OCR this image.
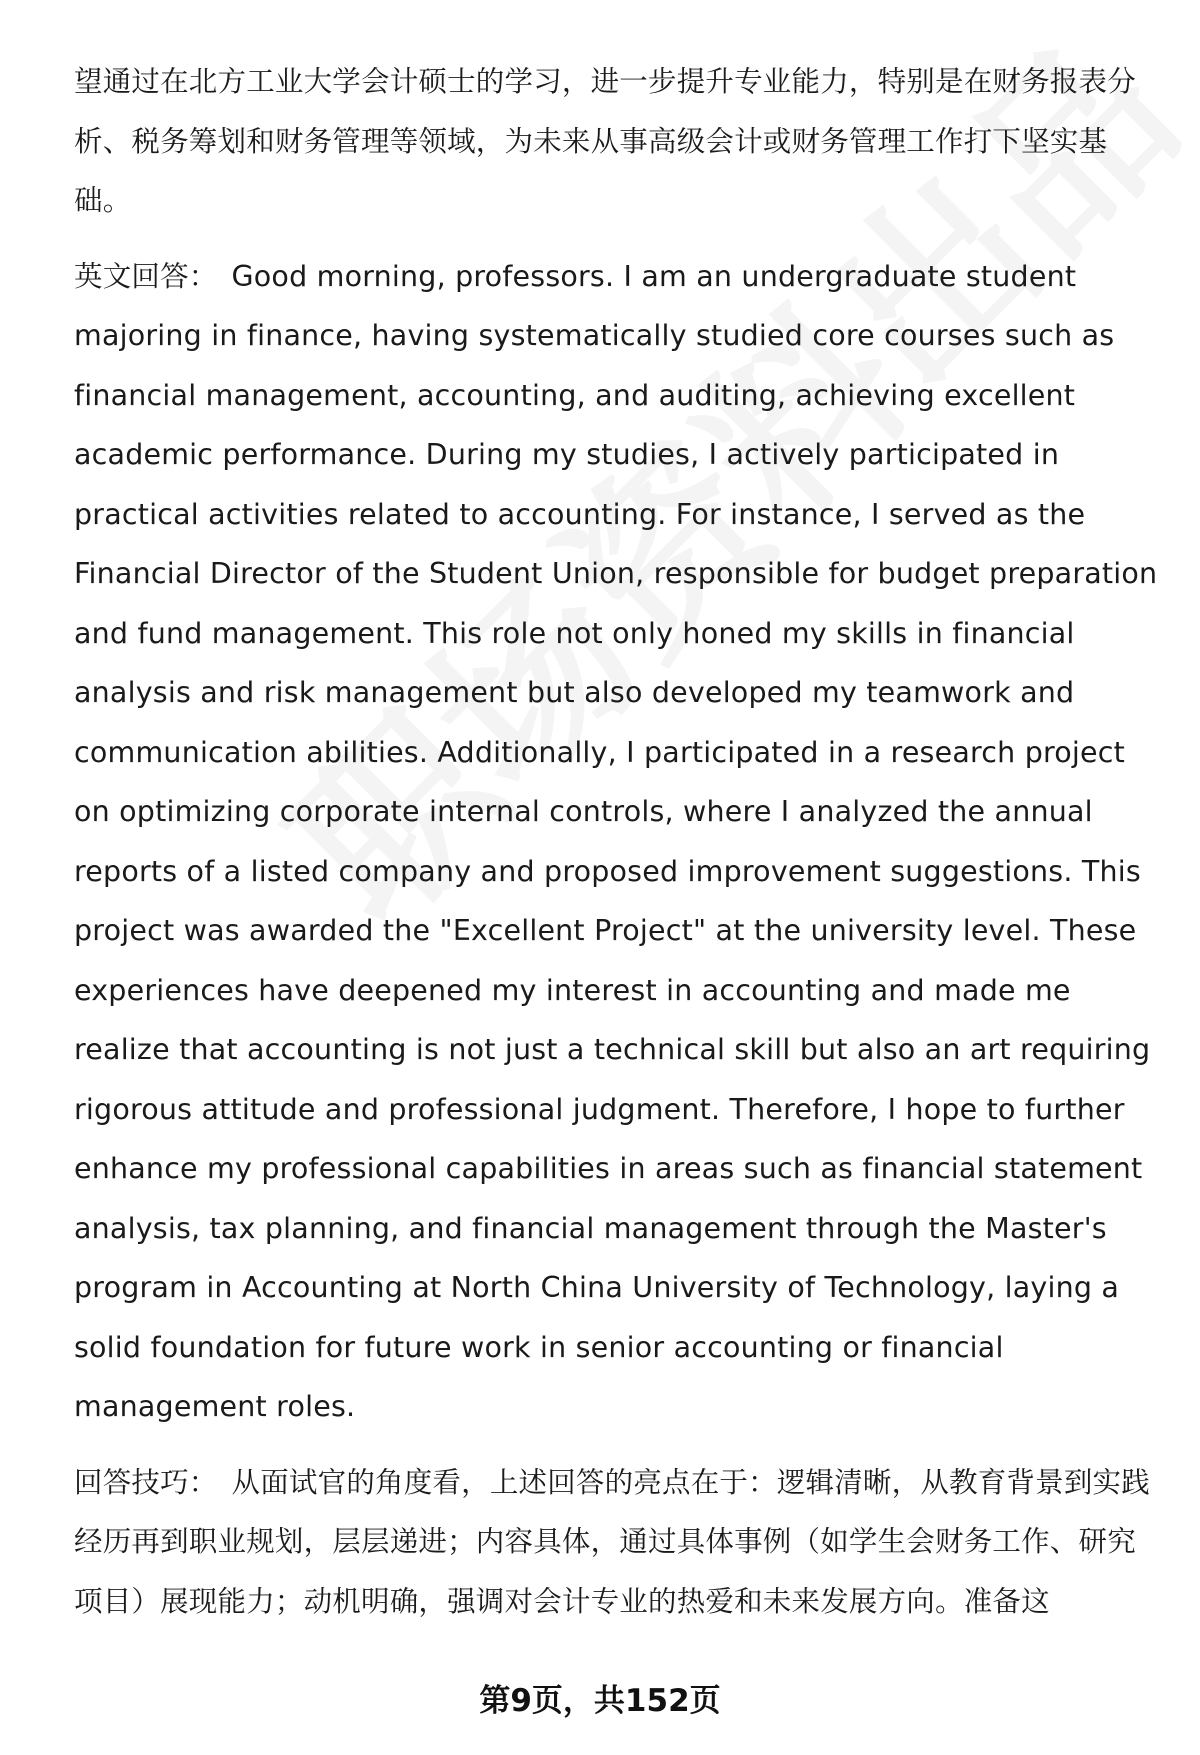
望通过在北方工业大学会计硕士的学习，进一步提升专业能力，特别是在财务报表分析、税务筹划和财务管理等领域，为未来从事高级会计或财务管理工作打下坚实基础。

英文回答： Good morning, professors. I am an undergraduate student majoring in finance, having systematically studied core courses such as financial management, accounting, and auditing, achieving excellent academic performance. During my studies, I actively participated in practical activities related to accounting. For instance, I served as the Financial Director of the Student Union, responsible for budget preparation and fund management. This role not only honed my skills in financial analysis and risk management but also developed my teamwork and communication abilities. Additionally, I participated in a research project on optimizing corporate internal controls, where I analyzed the annual reports of a listed company and proposed improvement suggestions. This project was awarded the "Excellent Project" at the university level. These experiences have deepened my interest in accounting and made me realize that accounting is not just a technical skill but also an art requiring rigorous attitude and professional judgment. Therefore, I hope to further enhance my professional capabilities in areas such as financial statement analysis, tax planning, and financial management through the Master's program in Accounting at North China University of Technology, laying a solid foundation for future work in senior accounting or financial management roles.

回答技巧： 从面试官的角度看，上述回答的亮点在于：逻辑清晰，从教育背景到实践经历再到职业规划，层层递进；内容具体，通过具体事例（如学生会财务工作、研究项目）展现能力；动机明确，强调对会计专业的热爱和未来发展方向。准备这

第9页，共152页
